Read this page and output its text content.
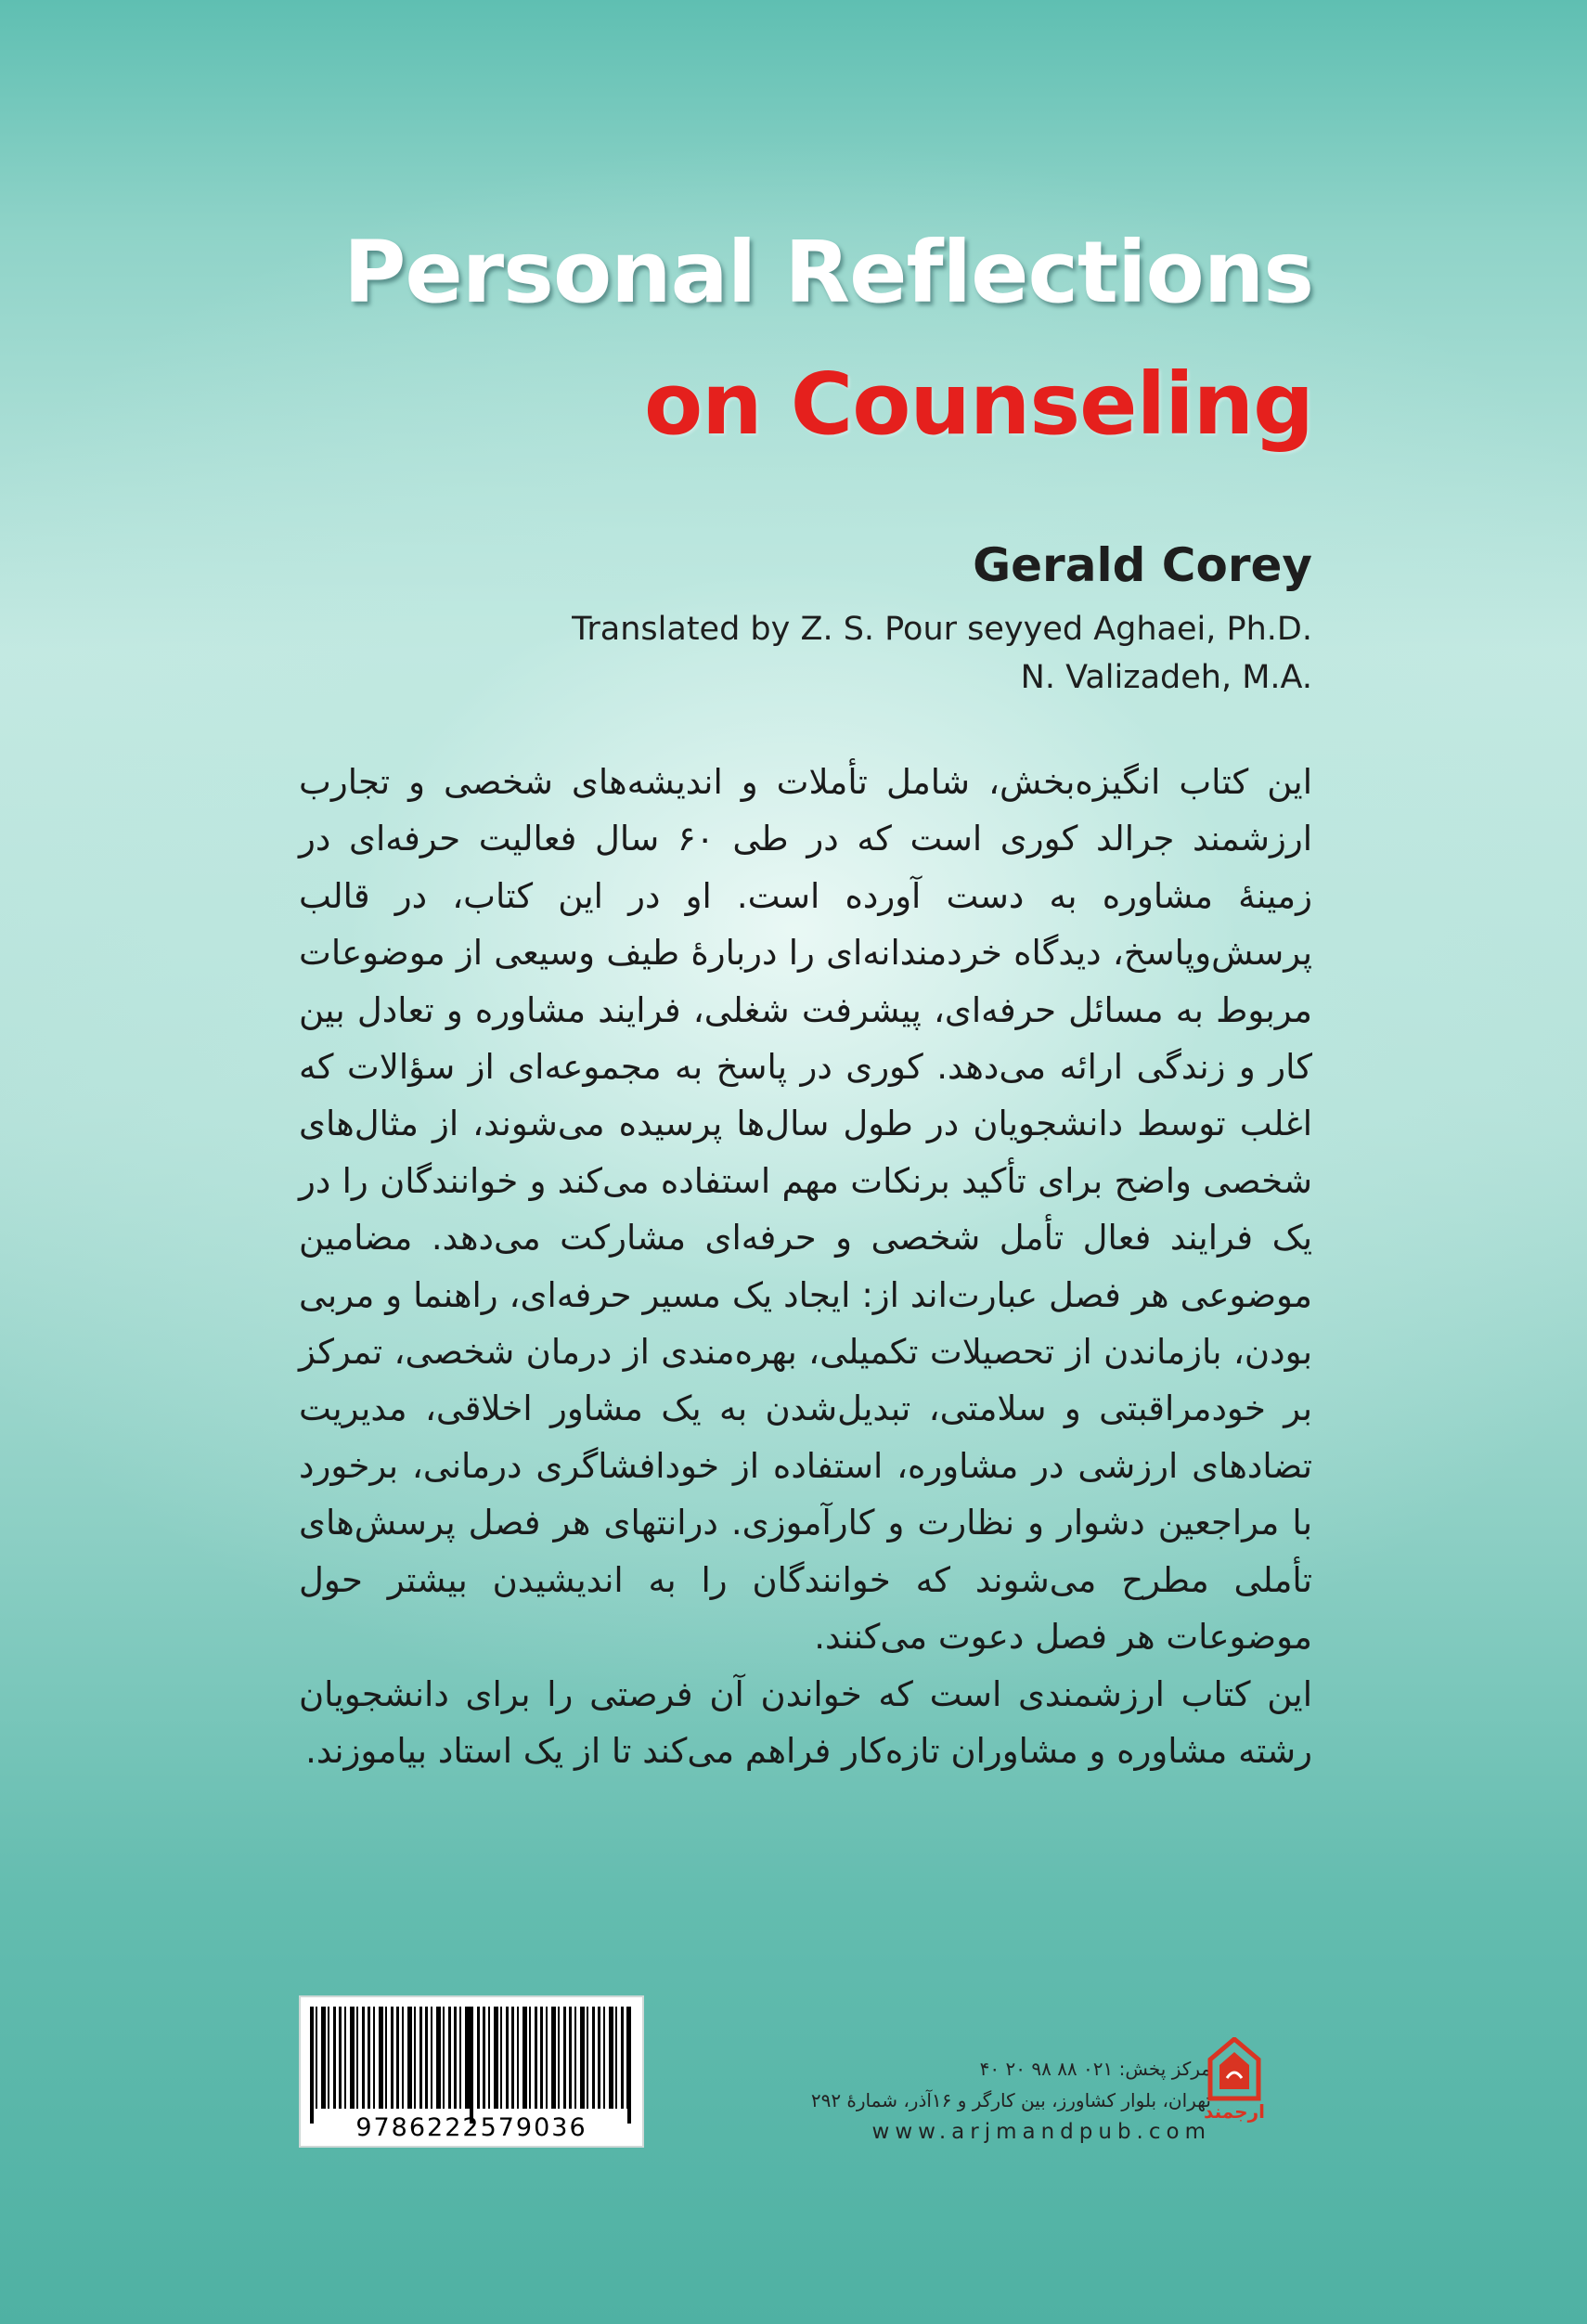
Personal Reflections
on Counseling

Gerald Corey

Translated by Z. S. Pour seyyed Aghaei, Ph.D.

N. Valizadeh, M.A.

این کتاب انگیزه‌بخش، شامل تأملات و اندیشه‌های شخصی و تجارب ارزشمند جرالد کوری است که در طی ۶۰ سال فعالیت حرفه‌ای در زمینهٔ مشاوره به دست آورده است. او در این کتاب، در قالب پرسش‌وپاسخ، دیدگاه خردمندانه‌ای را دربارهٔ طیف وسیعی از موضوعات مربوط به مسائل حرفه‌ای، پیشرفت شغلی، فرایند مشاوره و تعادل بین کار و زندگی ارائه می‌دهد. کوری در پاسخ به مجموعه‌ای از سؤالات که اغلب توسط دانشجویان در طول سال‌ها پرسیده می‌شوند، از مثال‌های شخصی واضح برای تأکید برنکات مهم استفاده می‌کند و خوانندگان را در یک فرایند فعال تأمل شخصی و حرفه‌ای مشارکت می‌دهد. مضامین موضوعی هر فصل عبارت‌اند از: ایجاد یک مسیر حرفه‌ای، راهنما و مربی بودن، بازماندن از تحصیلات تکمیلی، بهره‌مندی از درمان شخصی، تمرکز بر خودمراقبتی و سلامتی، تبدیل‌شدن به یک مشاور اخلاقی، مدیریت تضادهای ارزشی در مشاوره، استفاده از خودافشاگری درمانی، برخورد با مراجعین دشوار و نظارت و کارآموزی. درانتهای هر فصل پرسش‌های تأملی مطرح می‌شوند که خوانندگان را به اندیشیدن بیشتر حول موضوعات هر فصل دعوت می‌کنند.

این کتاب ارزشمندی است که خواندن آن فرصتی را برای دانشجویان رشته مشاوره و مشاوران تازه‌کار فراهم می‌کند تا از یک استاد بیاموزند.

9786222579036
مرکز پخش: ۰۲۱ ۸۸ ۹۸ ۲۰ ۴۰
تهران، بلوار کشاورز، بین کارگر و ۱۶آذر، شمارهٔ ۲۹۲
www.arjmandpub.com
ارجمند
